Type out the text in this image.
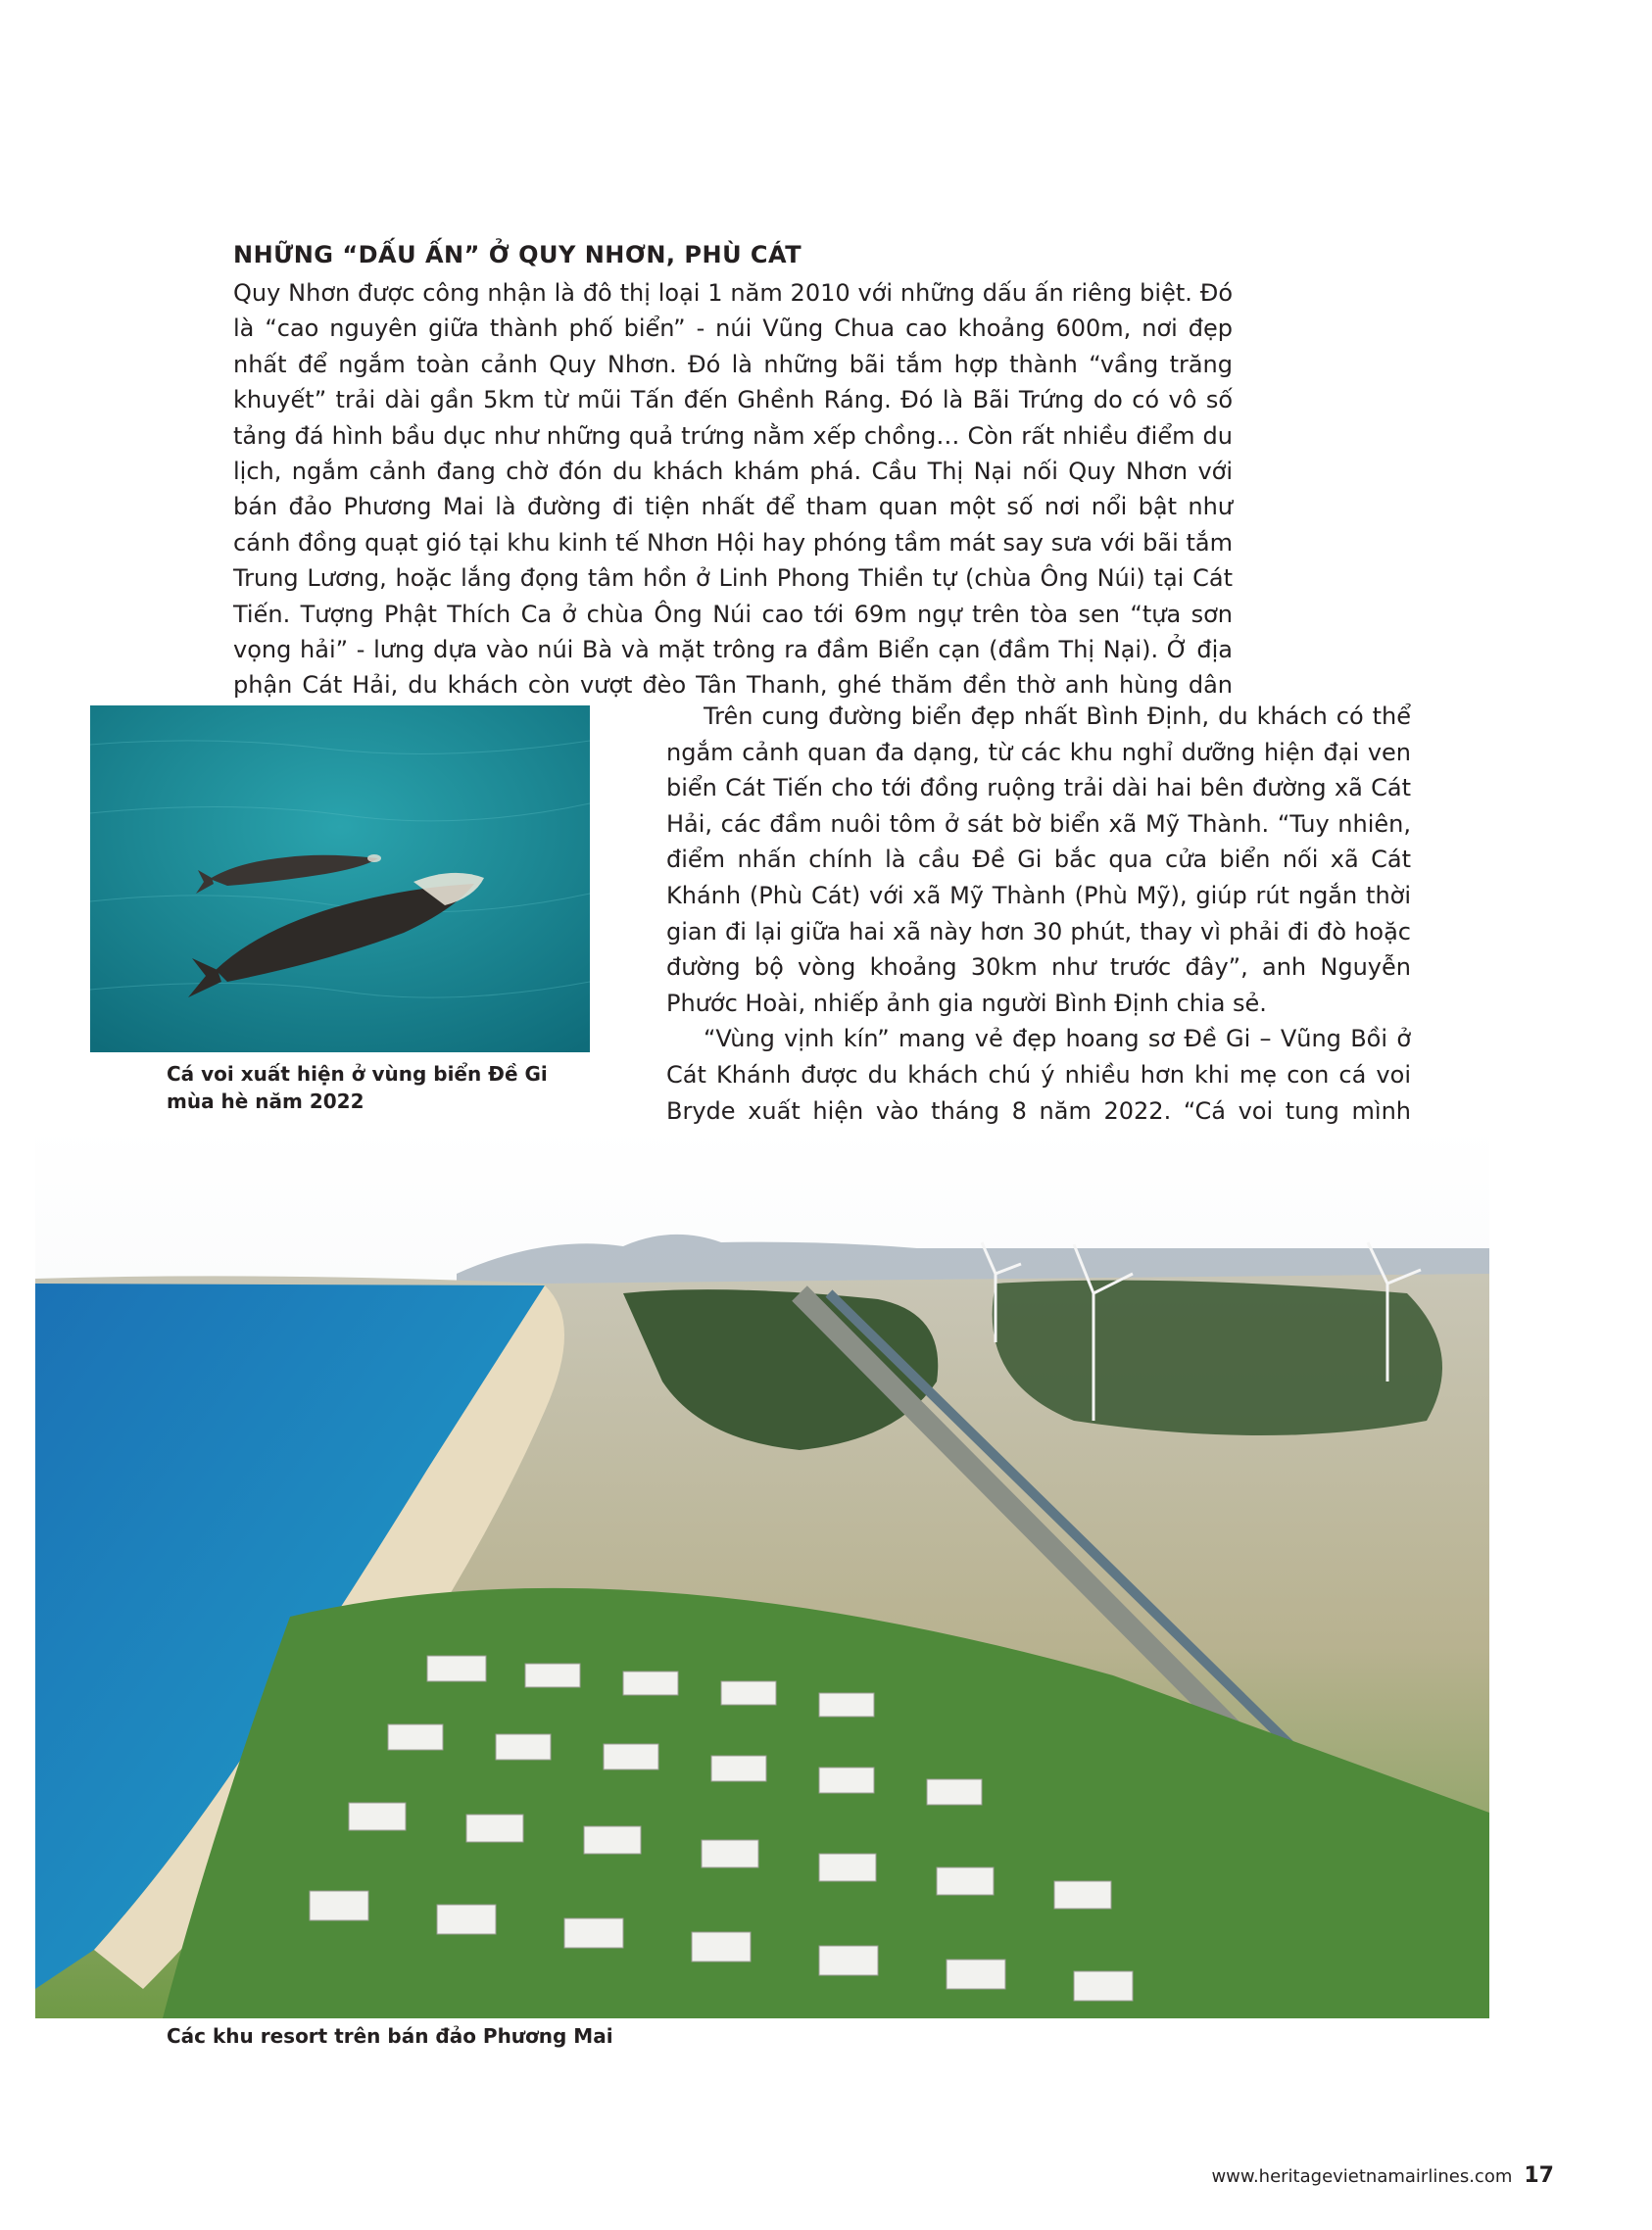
NHỮNG “DẤU ẤN” Ở QUY NHƠN, PHÙ CÁT

Quy Nhơn được công nhận là đô thị loại 1 năm 2010 với những dấu ấn riêng biệt. Đó là “cao nguyên giữa thành phố biển” - núi Vũng Chua cao khoảng 600m, nơi đẹp nhất để ngắm toàn cảnh Quy Nhơn. Đó là những bãi tắm hợp thành “vầng trăng khuyết” trải dài gần 5km từ mũi Tấn đến Ghềnh Ráng. Đó là Bãi Trứng do có vô số tảng đá hình bầu dục như những quả trứng nằm xếp chồng… Còn rất nhiều điểm du lịch, ngắm cảnh đang chờ đón du khách khám phá. Cầu Thị Nại nối Quy Nhơn với bán đảo Phương Mai là đường đi tiện nhất để tham quan một số nơi nổi bật như cánh đồng quạt gió tại khu kinh tế Nhơn Hội hay phóng tầm mát say sưa với bãi tắm Trung Lương, hoặc lắng đọng tâm hồn ở Linh Phong Thiền tự (chùa Ông Núi) tại Cát Tiến. Tượng Phật Thích Ca ở chùa Ông Núi cao tới 69m ngự trên tòa sen “tựa sơn vọng hải” - lưng dựa vào núi Bà và mặt trông ra đầm Biển cạn (đầm Thị Nại). Ở địa phận Cát Hải, du khách còn vượt đèo Tân Thanh, ghé thăm đền thờ anh hùng dân

Cá voi xuất hiện ở vùng biển Đề Gi
mùa hè năm 2022

Trên cung đường biển đẹp nhất Bình Định, du khách có thể ngắm cảnh quan đa dạng, từ các khu nghỉ dưỡng hiện đại ven biển Cát Tiến cho tới đồng ruộng trải dài hai bên đường xã Cát Hải, các đầm nuôi tôm ở sát bờ biển xã Mỹ Thành. “Tuy nhiên, điểm nhấn chính là cầu Đề Gi bắc qua cửa biển nối xã Cát Khánh (Phù Cát) với xã Mỹ Thành (Phù Mỹ), giúp rút ngắn thời gian đi lại giữa hai xã này hơn 30 phút, thay vì phải đi đò hoặc đường bộ vòng khoảng 30km như trước đây”, anh Nguyễn Phước Hoài, nhiếp ảnh gia người Bình Định chia sẻ.

“Vùng vịnh kín” mang vẻ đẹp hoang sơ Đề Gi – Vũng Bồi ở Cát Khánh được du khách chú ý nhiều hơn khi mẹ con cá voi Bryde xuất hiện vào tháng 8 năm 2022. “Cá voi tung mình

Các khu resort trên bán đảo Phương Mai
www.heritagevietnamairlines.com 17
